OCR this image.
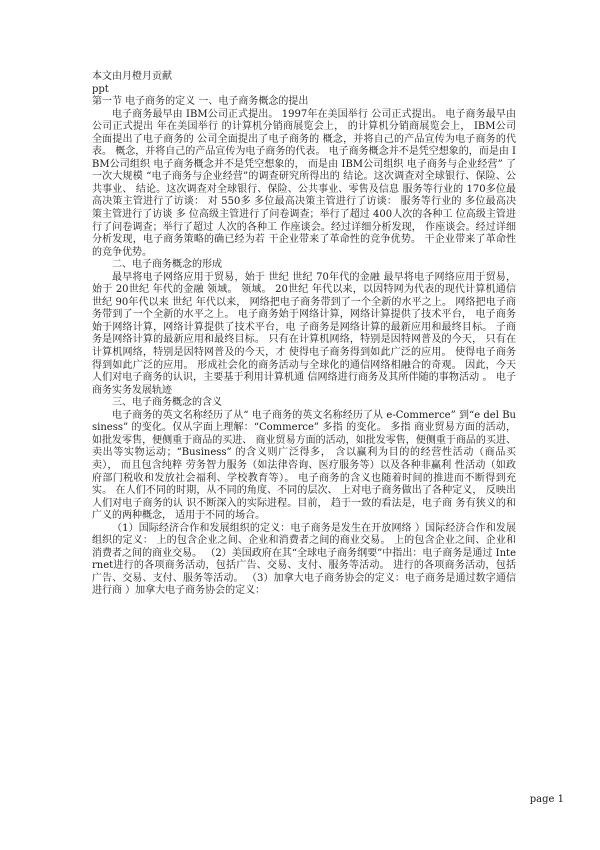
本文由月橙月贡献

ppt

第一节 电子商务的定义 一、电子商务概念的提出

电子商务最早由 IBM公司正式提出。 1997年在美国举行 公司正式提出。 电子商务最早由 公司正式提出 年在美国举行 的计算机分销商展览会上， 的计算机分销商展览会上， IBM公司全面提出了电子商务的 公司全面提出了电子商务的 概念，并将自己的产品宣传为电子商务的代表。 概念，并将自己的产品宣传为电子商务的代表。 电子商务概念并不是凭空想象的，而是由 IBM公司组织 电子商务概念并不是凭空想象的， 而是由 IBM公司组织 电子商务与企业经营” 了一次大规模 “电子商务与企业经营”的调查研究所得出的 结论。这次调查对全球银行、保险、公共事业、 结论。这次调查对全球银行、保险、公共事业、零售及信息 服务等行业的 170多位最高决策主管进行了访谈： 对 550多 多位最高决策主管进行了访谈： 服务等行业的 多位最高决策主管进行了访谈 多 位高级主管进行了问卷调查；举行了超过 400人次的各种工 位高级主管进行了问卷调查；举行了超过 人次的各种工 作座谈会。经过详细分析发现， 作座谈会。经过详细分析发现，电子商务策略的确已经为若 干企业带来了革命性的竞争优势。 干企业带来了革命性的竞争优势。

二、电子商务概念的形成

最早将电子网络应用于贸易，始于 世纪 世纪 70年代的金融 最早将电子网络应用于贸易，始于 20世纪 年代的金融 领域。 领域。 20世纪 年代以来，以因特网为代表的现代计算机通信 世纪 90年代以来 世纪 年代以来， 网络把电子商务带到了一个全新的水平之上。 网络把电子商务带到了一个全新的水平之上。 电子商务始于网络计算，网络计算提供了技术平台， 电子商务始于网络计算，网络计算提供了技术平台，电 子商务是网络计算的最新应用和最终目标。 子商务是网络计算的最新应用和最终目标。 只有在计算机网络，特别是因特网普及的今天， 只有在计算机网络，特别是因特网普及的今天，才 使得电子商务得到如此广泛的应用。 使得电子商务得到如此广泛的应用。 形成社会化的商务活动与全球化的通信网络相融合的奇观。 因此，今天人们对电子商务的认识，主要基于利用计算机通 信网络进行商务及其所伴随的事物活动 。 电子商务实务发展轨迹

三、电子商务概念的含义

电子商务的英文名称经历了从“ 电子商务的英文名称经历了从 e-Commerce” 到“e del Business” 的变化。仅从字面上理解：“Commerce” 多指 的变化。 多指 商业贸易方面的活动，如批发零售，便侧重于商品的买进、 商业贸易方面的活动，如批发零售，便侧重于商品的买进、 卖出等实物运动；“Business” 的含义则广泛得多， 含以赢利为目的的经营性活动（商品买卖）， 而且包含纯粹 劳务智力服务（如法律咨询、医疗服务等）以及各种非赢利 性活动（如政府部门税收和发放社会福利、学校教育等）。 电子商务的含义也随着时间的推进而不断得到充实。 在人们不同的时期，从不同的角度、不同的层次、 上对电子商务做出了各种定义， 反映出人们对电子商务的认 识不断深入的实际进程。目前， 趋于一致的看法是，电子商 务有狭义的和广义的两种概念， 适用于不同的场合。

（1）国际经济合作和发展组织的定义：电子商务是发生在开放网络 ）国际经济合作和发展组织的定义： 上的包含企业之间、企业和消费者之间的商业交易。 上的包含企业之间、企业和消费者之间的商业交易。 （2）美国政府在其“全球电子商务纲要”中指出：电子商务是通过 Internet进行的各项商务活动，包括广告、交易、支付、服务等活动。 进行的各项商务活动，包括广告、交易、支付、服务等活动。 （3）加拿大电子商务协会的定义：电子商务是通过数字通信进行商 ）加拿大电子商务协会的定义：

page 1
